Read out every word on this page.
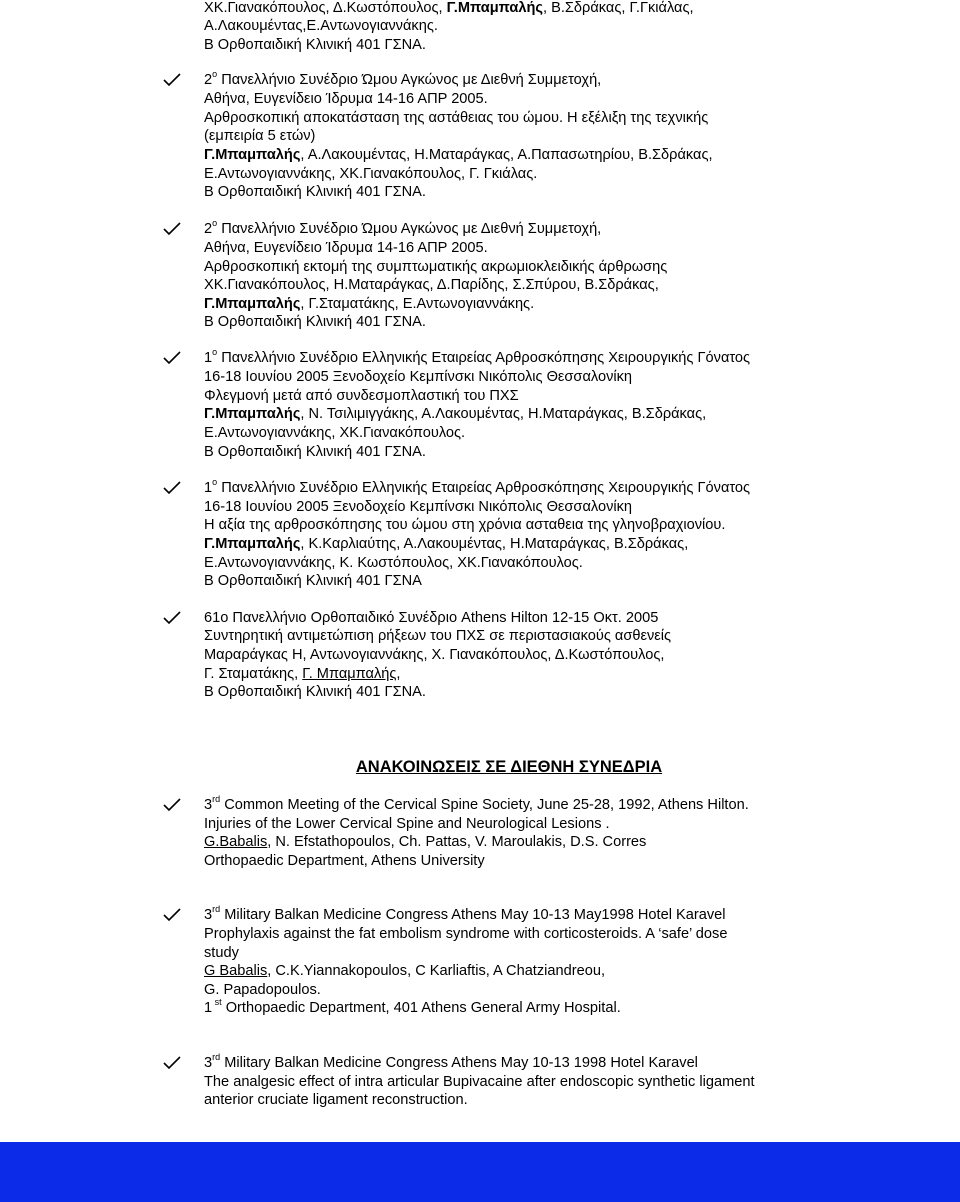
ΧΚ.Γιανακόπουλος, Δ.Κωστόπουλος, Γ.Μπαμπαλής, Β.Σδράκας, Γ.Γκιάλας,
Α.Λακουμέντας,Ε.Αντωνογιαννάκης.
Β Ορθοπαιδική Κλινική 401 ΓΣΝΑ.
2$^o$ Πανελλήνιο Συνέδριο Ώμου Αγκώνος με Διεθνή Συμμετοχή,
Αθήνα, Ευγενίδειο Ίδρυμα 14-16 ΑΠΡ 2005.
Αρθροσκοπική αποκατάσταση της αστάθειας του ώμου. Η εξέλιξη της τεχνικής
(εμπειρία 5 ετών)
Γ.Μπαμπαλής, Α.Λακουμέντας, Η.Ματαράγκας, Α.Παπασωτηρίου, Β.Σδράκας,
Ε.Αντωνογιαννάκης, ΧΚ.Γιανακόπουλος, Γ. Γκιάλας.
Β Ορθοπαιδική Κλινική 401 ΓΣΝΑ.
2$^o$ Πανελλήνιο Συνέδριο Ώμου Αγκώνος με Διεθνή Συμμετοχή,
Αθήνα, Ευγενίδειο Ίδρυμα 14-16 ΑΠΡ 2005.
Αρθροσκοπική εκτομή της συμπτωματικής ακρωμιοκλειδικής άρθρωσης
ΧΚ.Γιανακόπουλος, Η.Ματαράγκας, Δ.Παρίδης, Σ.Σπύρου, Β.Σδράκας,
Γ.Μπαμπαλής, Γ.Σταματάκης, Ε.Αντωνογιαννάκης.
Β Ορθοπαιδική Κλινική 401 ΓΣΝΑ.
$1^o$ Πανελλήνιο Συνέδριο Ελληνικής Εταιρείας Αρθροσκόπησης Χειρουργικής Γόνατος
16-18 Ιουνίου 2005 Ξενοδοχείο Κεμπίνσκι Νικόπολις Θεσσαλονίκη
Φλεγμονή μετά από συνδεσμοπλαστική του ΠΧΣ
Γ.Μπαμπαλής, Ν. Τσιλιμιγγάκης, Α.Λακουμέντας, Η.Ματαράγκας, Β.Σδράκας,
Ε.Αντωνογιαννάκης, ΧΚ.Γιανακόπουλος.
Β Ορθοπαιδική Κλινική 401 ΓΣΝΑ.
$1^o$ Πανελλήνιο Συνέδριο Ελληνικής Εταιρείας Αρθροσκόπησης Χειρουργικής Γόνατος
16-18 Ιουνίου 2005 Ξενοδοχείο Κεμπίνσκι Νικόπολις Θεσσαλονίκη
Η αξία της αρθροσκόπησης του ώμου στη χρόνια ασταθεια της γληνοβραχιονίου.
Γ.Μπαμπαλής, Κ.Καρλιαύτης, Α.Λακουμέντας, Η.Ματαράγκας, Β.Σδράκας,
Ε.Αντωνογιαννάκης, Κ. Κωστόπουλος, ΧΚ.Γιανακόπουλος.
Β Ορθοπαιδική Κλινική 401 ΓΣΝΑ
61ο Πανελλήνιο Ορθοπαιδικό Συνέδριο Athens Hilton 12-15 Οκτ. 2005
Συντηρητική αντιμετώπιση ρήξεων του ΠΧΣ σε περιστασιακούς ασθενείς
Μαραράγκας Η, Αντωνογιαννάκης, Χ. Γιανακόπουλος, Δ.Κωστόπουλος,
Γ. Σταματάκης, Γ. Μπαμπαλής,
Β Ορθοπαιδική Κλινική 401 ΓΣΝΑ.
ΑΝΑΚΟΙΝΩΣΕΙΣ ΣΕ ΔΙΕΘΝΗ ΣΥΝΕΔΡΙΑ
3rd Common Meeting of the Cervical Spine Society, June 25-28, 1992, Athens Hilton.
Injuries of the Lower Cervical Spine and Neurological Lesions .
G.Babalis, N. Efstathopoulos, Ch. Pattas, V. Maroulakis, D.S. Corres
Orthopaedic Department, Athens University
3rd Military Balkan Medicine Congress Athens May 10-13 May1998 Hotel Karavel
Prophylaxis against the fat embolism syndrome with corticosteroids. A ‘safe’ dose
study
G Babalis, C.K.Yiannakopoulos, C Karliaftis, A Chatziandreou,
G. Papadopoulos.
1 $^{st}$ Orthopaedic Department, 401 Athens General Army Hospital.
3rd Military Balkan Medicine Congress Athens May 10-13 1998 Hotel Karavel
The analgesic effect of intra articular Bupivacaine after endoscopic synthetic ligament
anterior cruciate ligament reconstruction.
